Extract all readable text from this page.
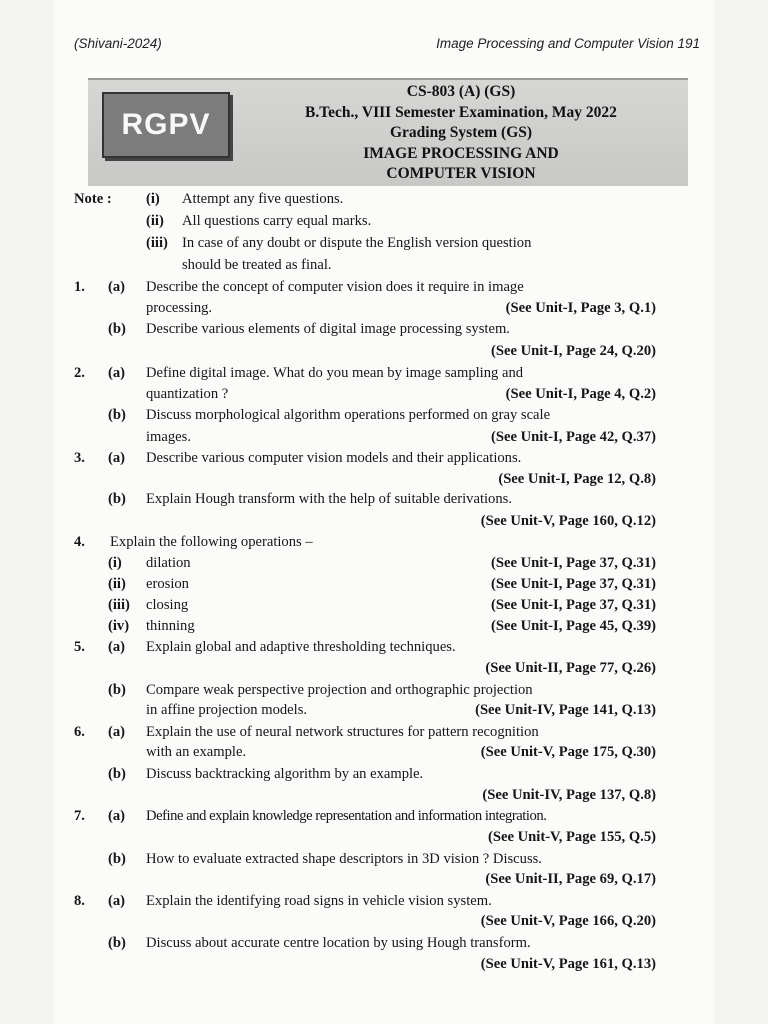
(Shivani-2024)	Image Processing and Computer Vision 191
RGPV
CS-803 (A) (GS)
B.Tech., VIII Semester Examination, May 2022
Grading System (GS)
IMAGE PROCESSING AND
COMPUTER VISION
Note : (i) Attempt any five questions.
(ii) All questions carry equal marks.
(iii) In case of any doubt or dispute the English version question
should be treated as final.
1. (a) Describe the concept of computer vision does it require in image
processing.	(See Unit-I, Page 3, Q.1)
(b) Describe various elements of digital image processing system.
(See Unit-I, Page 24, Q.20)
2. (a) Define digital image. What do you mean by image sampling and
quantization ?	(See Unit-I, Page 4, Q.2)
(b) Discuss morphological algorithm operations performed on gray scale
images.	(See Unit-I, Page 42, Q.37)
3. (a) Describe various computer vision models and their applications.
(See Unit-I, Page 12, Q.8)
(b) Explain Hough transform with the help of suitable derivations.
(See Unit-V, Page 160, Q.12)
4. Explain the following operations –
(i) dilation	(See Unit-I, Page 37, Q.31)
(ii) erosion	(See Unit-I, Page 37, Q.31)
(iii) closing	(See Unit-I, Page 37, Q.31)
(iv) thinning	(See Unit-I, Page 45, Q.39)
5. (a) Explain global and adaptive thresholding techniques.
(See Unit-II, Page 77, Q.26)
(b) Compare weak perspective projection and orthographic projection
in affine projection models.	(See Unit-IV, Page 141, Q.13)
6. (a) Explain the use of neural network structures for pattern recognition
with an example.	(See Unit-V, Page 175, Q.30)
(b) Discuss backtracking algorithm by an example.
(See Unit-IV, Page 137, Q.8)
7. (a) Define and explain knowledge representation and information integration.
(See Unit-V, Page 155, Q.5)
(b) How to evaluate extracted shape descriptors in 3D vision ? Discuss.
(See Unit-II, Page 69, Q.17)
8. (a) Explain the identifying road signs in vehicle vision system.
(See Unit-V, Page 166, Q.20)
(b) Discuss about accurate centre location by using Hough transform.
(See Unit-V, Page 161, Q.13)
